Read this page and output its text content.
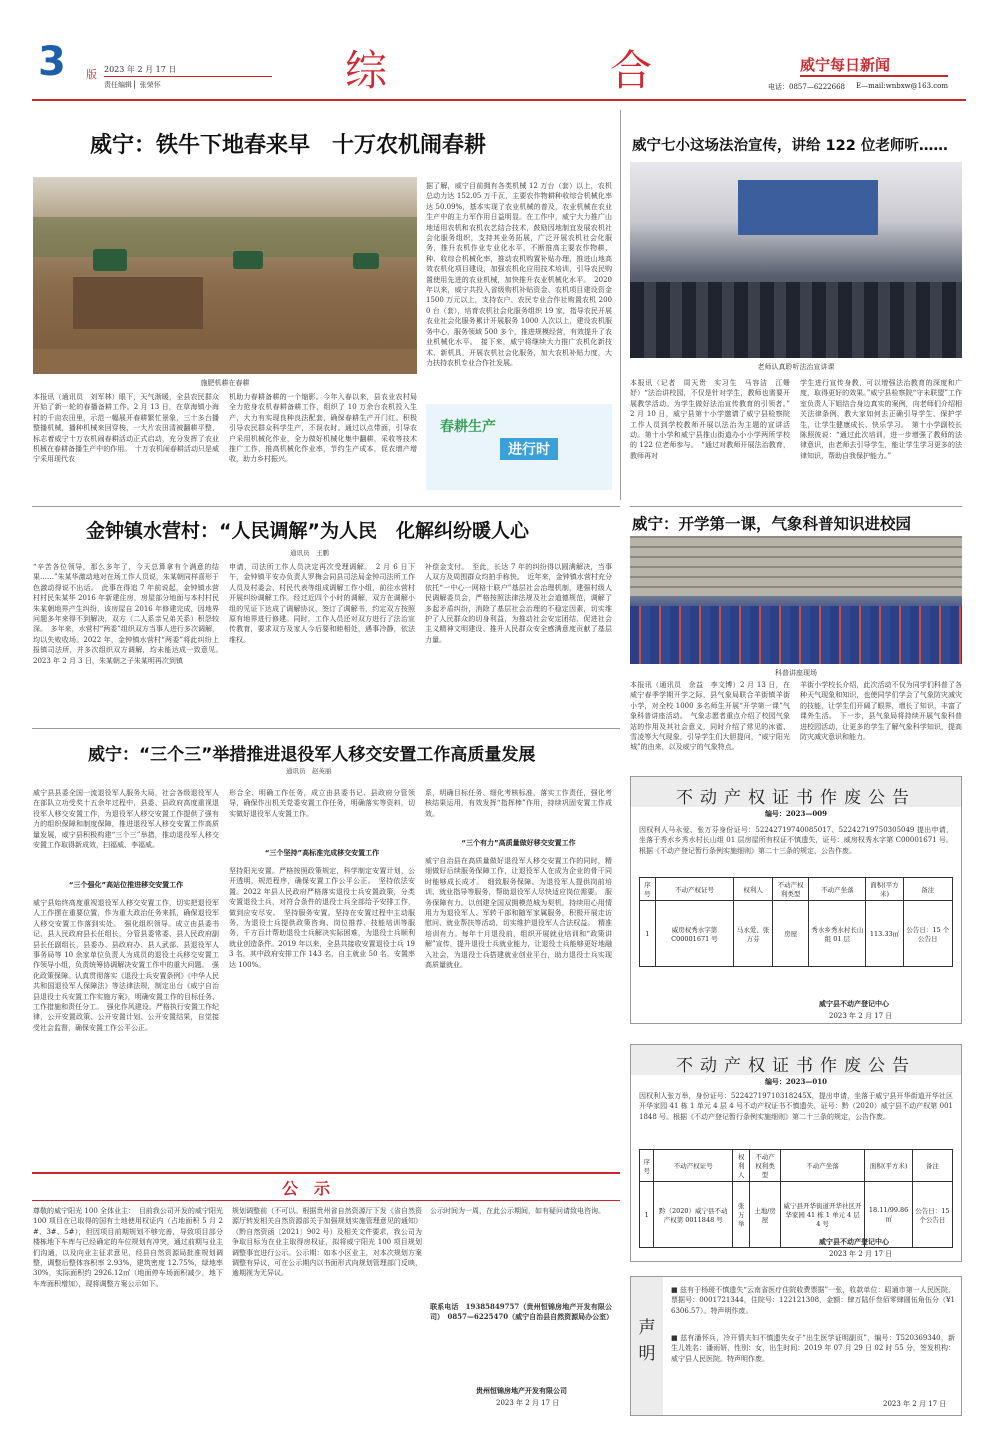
3 版 2023 年 2 月 17 日
责任编辑 ▏张荣怀	综	合	威宁每日新闻
电话：0857—6222668 E—mail:wnbxw@163.com
威宁：铁牛下地春来早　十万农机闹春耕
施肥机耕在春耕
本报讯（通讯员　刘军林）眼下，天气渐暖，全县农民群众开始了新一轮的春播备耕工作。2 月 13 日，在草海镇小海村的千亩农田里，示范一幅展开春耕繁忙景象，三十多台播整播机械，播种机械来回穿梭，一大片农田清被翻耕平整，标志着威宁十万农机闹春耕活动正式启动，充分发挥了农业机械在春耕备播生产中的作用。　十万农机闹春耕活动只是威宁采用现代农
机助力春耕备耕的一个缩影。今年入春以来，县农业农村局全力抢身农机春耕备耕工作，组织了 10 万余台农机投入生产，大力有实现良种良法配套，确保春耕生产开门红。积极引导农民群众科学生产，不误农时。通过以点带面，引导农户采用机械化作业，全力做好机械化集中翻耕，采收等技术推广工作，推高机械化作业率，节约生产成本，促农增产增收，助力乡村振兴。
据了解，威宁目前拥有各类机械 12 万台（套）以上，农机总动力达 152.05 万千瓦，主要农作物耕种收综合机械化率达 50.09%，基本实现了农业机械的普及，农业机械在农业生产中的主力军作用日益明显。在工作中，威宁大力推广山地适用农机和农机农艺结合技术，鼓励因地制宜发展农机社会化服务组织，支持其业务拓展，广泛开展农机社会化服务，推升农机作业专业化水平，不断推高主要农作物耕、种、收综合机械化率，推动农机购置补贴办理，推进山地高效农机化项目建设，加强农机化应用技术培训，引导农民购置使用先进的农业机械，加快推升农业机械化水平。　2020 年以来，威宁共投入省级购机补贴资金、农机项目建设资金 1500 万元以上，支持农户、农民专业合作社购置农机 2000 台（套），培育农机社会化服务组织 19 家，指导农民开展农业社会化服务累计开展服务 1000 人次以上，建设农机服务中心，服务领域 500 多个，推进规模经营，有效提升了农业机械化水平。　接下来，威宁将继续大力推广农机化新技术、新机具，开展农机社会化服务，加大农机补贴力度，大力扶持农机专业合作社发展。
春耕生产
进行时
威宁七小这场法治宣传，讲给 122 位老师听……
老师认真聆听法治宣讲课
本报讯（记者　周天贵　实习生　马容洁　江姗妤）“法治讲校园，不仅是针对学生，教师也需要开展教学活动。为学生做好法治宣传教育的引领者。”　2 月 10 日，威宁县第十小学邀请了威宁县检察院工作人员到学校教师开展以法治为主题的宣讲活动。第十小学和威宁县推山街道办小小学两所学校的 122 位老师参与。　“通过对教师开展法治教育，教师再对
学生进行宣传身教，可以增强法治教育的深度和广度，取得更好的效果。”威宁县检察院“守未联盟”工作室负责人下姐结合身边真实的案例，向老师们介绍相关法律条例，教大家如何去正确引导学生、保护学生，让学生健康成长、快乐学习。　第十小学副校长陈照彼说：“通过此次培训，进一步增强了教师的法律意识，由老师去引导学生，能让学生学习更多的法律知识，帮助自我保护能力。”
金钟镇水营村：“人民调解”为人民　化解纠纷暖人心
通讯员　王鹏
“辛苦各位领导，那么多年了，今天总算拿有个满意的结果……”朱某华激动地对在场工作人员说，朱某朝同样喜形于色激动得说不出话。　此事在得追 7 年前说起，金钟镇水营村村民朱某华 2016 年新建住房，房屋部分地面与本村村民朱某朝地界产生纠纷，该房屋自 2016 年修建完成，因地界问题多年来得不到解决，双方（二人系亲兄弟关系）积怨较深。　多年来，水营村“两委”组织双方当事人进行多次调解，均以失败收场。2022 年，金钟镇水营村“两委”将此纠纷上报镇司法所，并多次组织双方调解，均未能达成一致意见。　2023 年 2 月 3 日，朱某朝之子朱某明再次到镇
申请，司法所工作人员决定再次受理调解。　2 月 6 日下午，金钟镇平安办负责人罗梅会同县司法局金钟司法所工作人员及村委会、村民代表等组成调解工作小组，前往水营村开展纠纷调解工作。经过近四个小时的调解，双方在调解小组的见证下达成了调解协议，签订了调解书，约定双方按照原有地界进行修建。同时，工作人员还对双方进行了法治宣传教育，要求双方及家人今后要和睦相处，遇事冷静，依法维权。
补偿金支付。　至此，长达 7 年的纠纷得以圆满解决，当事人双方及周围群众均拍手称快。　近年来，金钟镇水营村充分依托“一中心一网格十联户”基层社会治理机制，建强村级人民调解委员会，严格按照法律法规及社会道德规范，调解了多起矛盾纠纷，消除了基层社会治理的不稳定因素，切实维护了人民群众的切身利益，为推动社会安定团结、促进社会主义精神文明建设、推升人民群众安全感满意度贡献了基层力量。
威宁：开学第一课，气象科普知识进校园
科普讲座现场
本报讯（通讯员　余益　李文博）2 月 13 日，在威宁春季学期开学之际，县气象局联合羊街镇羊街小学，对全校 1000 多名师生开展“开学第一课”气象科普讲座活动。　气象志愿者重点介绍了校园气象站的作用及其社会意义，同时介绍了常见的冰雹、雪凌等大气现象，引导学生们大胆提问，“威宁阳光城”的由来，以及威宁的气象特点。
羊街小学校长介绍，此次活动不仅为同学们科普了各种天气现象和知识，也使同学们学会了气象防灾减灾的技能，让学生们开阔了眼界，增长了知识，丰富了课外生活。　下一步，县气象局将持续开展气象科普进校园活动，让更多的学生了解气象科学知识，提高防灾减灾意识和能力。
威宁：“三个三”举措推进退役军人移交安置工作高质量发展
通讯员　赵英丽
威宁县县委全国一流退役军人服务大局，社会各级退役军人在部队立功受奖十五余年过程中，县委、县政府高度重视退役军人移交安置工作，为退役军人移交安置工作提供了强有力的组织保障和制度保障，推进退役军人移交安置工作高质量发展，威宁县积极构建“三个三”举措，推动退役军人移交安置工作取得新成效，扫福威、李福威。
“三个强化”高站位推进移交安置工作
威宁县始终高度重视退役军人移交安置工作，切实把退役军人工作摆在重要位置，作为重大政治任务来抓，确保退役军人移交安置工作落到实处。　强化组织领导。成立由县委书记、县人民政府县长任组长，分管县委常委、县人民政府副县长任副组长，县委办、县政府办、县人武部、县退役军人事务局等 10 余家单位负责人为成员的退役士兵移交安置工作领导小组，负责统筹协调解决安置工作中的重大问题。　强化政策保障。认真贯彻落实《退役士兵安置条例》《中华人民共和国退役军人保障法》等法律法规，制定出台《威宁自治县退役士兵安置工作实施方案》，明确安置工作的目标任务、工作措施和责任分工。　强化作风建设。严格执行安置工作纪律，公开安置政策、公开安置计划、公开安置结果，自觉接受社会监督，确保安置工作公平公正。
形合全、明确工作任务，成立由县委书记、县政府分管领导，确保作出机关党委安置工作任务，明确落实等资料，切实做好退役军人安置工作。
“三个坚持”高标准完成移交安置工作
坚持阳光安置。严格按照政策规定，科学制定安置计划，公开透明，规范程序，确保安置工作公平公正。　坚持依法安置。2022 年县人民政府严格落实退役士兵安置政策，分类安置退役士兵，对符合条件的退役士兵全部给予安排工作，做到应安尽安。　坚持服务安置。坚持在安置过程中主动服务，为退役士兵提供政策咨询、岗位推荐、技能培训等服务，千方百计帮助退役士兵解决实际困难，为退役士兵顺利就业创造条件。2019 年以来，全县共接收安置退役士兵 193 名，其中政府安排工作 143 名，自主就业 50 名，安置率达 100%。
系，明确目标任务、细化考核标准，落实工作责任，强化考核结果运用，有效发挥“指挥棒”作用，持续巩固安置工作成效。
“三个有力”高质量做好移交安置工作
威宁自治县在高质量做好退役军人移交安置工作的同时，精细做好后续服务保障工作，让退役军人在成为企业的骨干同时能够成长成才。　细致服务保障。为退役军人提供岗前培训、就业指导等服务，帮助退役军人尽快适应岗位需要。　服务保障有力。以创建全国双拥模范城为契机，持续用心用情用力为退役军人、军转干部和随军家属服务，积极开展走访慰问、就业帮扶等活动，切实维护退役军人合法权益。　精准培训有力。每年十月退役前，组织开展就业培训和“政策讲解”宣传，提升退役士兵就业能力，让退役士兵能够更好地融入社会，为退役士兵搭建就业创业平台，助力退役士兵实现高质量就业。
公　示
尊敬的威宁阳光 100 全体业主：　目前我公司开发的威宁阳光 100 项目在已取得的国有土地使用权证内（占地面积 5 月 2#、3#、5#），但因项目前期规划不够完善，导致项目部分楼栋地下车库与已经确定的车位规划有冲突，通过前期与业主们沟通，以及向业主征求意见，经县自然资源局批准规划调整，调整后整体容积率 2.93%，建筑密度 12.75%，绿地率 30%，实际面积约 2926.12㎡（地面停车场面积减少，地下车库面积增加），现将调整方案公示如下。
规划调整前（不可以。根据贵州省自然资源厅下发《省自然资源厅转发相关自然资源部关于加强规划实施管理意见的通知》（黔自然资函〔2021〕902 号）及相关文件要求，我公司为争取目标为在业主取得房权证，拟将威宁阳光 100 项目规划调整事宜进行公示。公示期：如本小区业主，对本次规划方案调整有异议，可在公示期内以书面形式向规划管理部门反映，逾期视为无异议。
公示时间为一周，在此公示期间，如有疑问请致电咨询。
联系电话　19385849757（贵州恒锦房地产开发有限公司）　0857—6225470（威宁自治县自然资源局办公室）
贵州恒锦房地产开发有限公司
2023 年 2 月 17 日
不动产权证书作废公告
编号：2023—009
因权利人马永爱、张万芬身份证号：52242719740085017、52242719750305049 提出申请，坐落于秀水乡秀水村长山组 01 层房屋所有权证不慎遗失，证号：威房权秀水字第 C00001671 号。根据《不动产登记暂行条例实施细则》第二十三条的规定，公告作废。
序号	不动产权证号	权利人	不动产权利类型	不动产坐落	面积(平方米)	备注
1	威房权秀水字第 C00001671 号	马永爱、张万芬	房屋	秀水乡秀水村长山组 01 层	113.33㎡	公告日：15 个公告日
威宁县不动产登记中心
2023 年 2 月 17 日
不动产权证书作废公告
编号：2023—010
因权利人张万举，身份证号：52242719710318245X，提出申请，坐落于威宁县开华街道开华社区开华家园 41 栋 1 单元 4 层 4 号不动产权证书不慎遗失，证号：黔（2020）威宁县不动产权第 0011848 号。根据《不动产登记暂行条例实施细则》第二十三条的规定，公告作废。
序号	不动产权证号	权利人	不动产权利类型	不动产坐落	面积(平方米)	备注
1	黔（2020）威宁县不动产权第 0011848 号	张万举	土地/房屋	威宁县开华街道开华社区开华家园 41 栋 1 单元 4 层 4 号	18.11/99.86㎡	公告日：15 个公告日
威宁县不动产登记中心
2023 年 2 月 17 日
声明
■ 兹有于杨瑷不慎遗失“云南省医疗住院收费票据”一张，收款单位：昭通市第一人民医院，票据号：0001721344，住院号：122121308，金额：肆万陆仟叁佰零肆圆伍角伍分（¥16306.57）。特声明作废。
■ 兹有潘怀兵，冷开情夫妇不慎遗失女子“出生医学证明副页”，编号：T520369340，新生儿姓名：潘雨妍，性别：女，出生时间：2019 年 07 月 29 日 02 时 55 分，签发机构：威宁县人民医院。特声明作废。
2023 年 2 月 17 日
